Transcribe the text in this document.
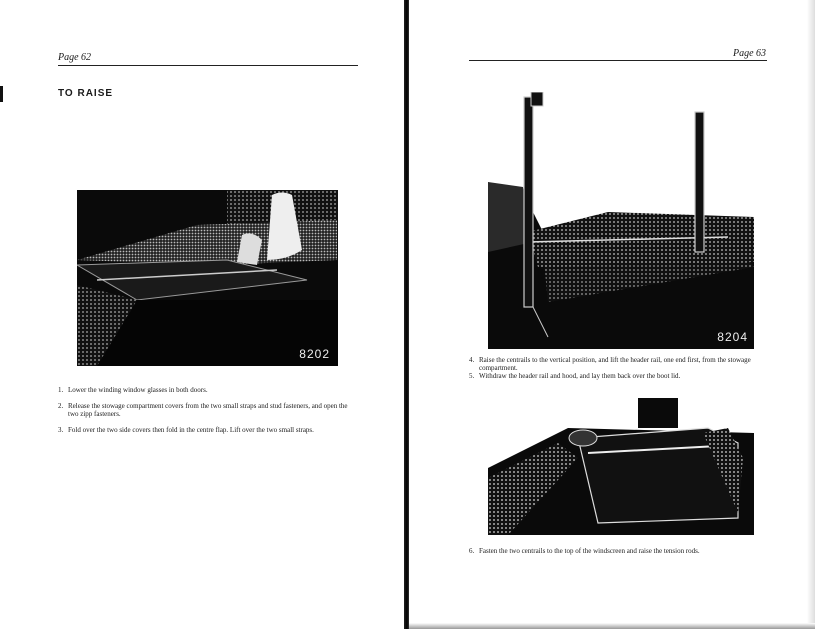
Page 62
TO RAISE
8202
1. Lower the winding window glasses in both doors.
2. Release the stowage compartment covers from the two small straps and stud fasteners, and open the two zipp fasteners.
3. Fold over the two side covers then fold in the centre flap. Lift over the two small straps.
Page 63
8204
4. Raise the centrails to the vertical position, and lift the header rail, one end first, from the stowage compartment.
5. Withdraw the header rail and hood, and lay them back over the boot lid.
6. Fasten the two centrails to the top of the windscreen and raise the tension rods.
